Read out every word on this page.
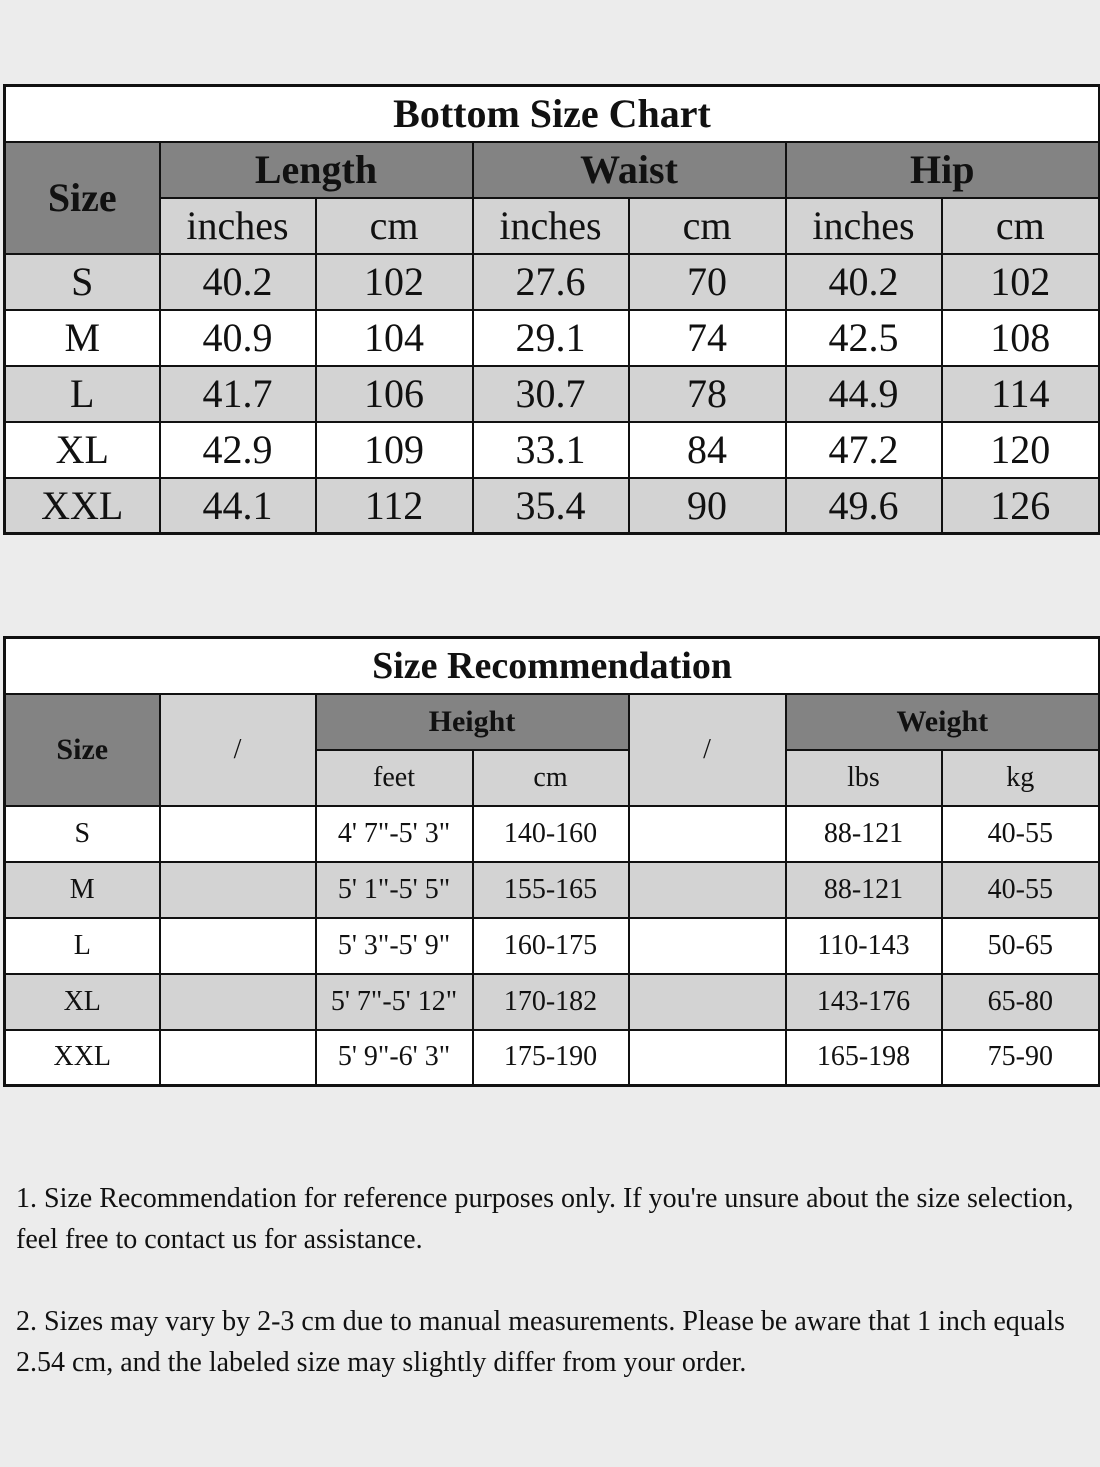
Bottom Size Chart						
Size	Length		Waist		Hip	
	inches	cm	inches	cm	inches	cm
S	40.2	102	27.6	70	40.2	102
M	40.9	104	29.1	74	42.5	108
L	41.7	106	30.7	78	44.9	114
XL	42.9	109	33.1	84	47.2	120
XXL	44.1	112	35.4	90	49.6	126
Size Recommendation						
Size	/	Height		/	Weight	
		feet	cm		lbs	kg
S		4' 7"-5' 3"	140-160		88-121	40-55
M		5' 1"-5' 5"	155-165		88-121	40-55
L		5' 3"-5' 9"	160-175		110-143	50-65
XL		5' 7"-5' 12"	170-182		143-176	65-80
XXL		5' 9"-6' 3"	175-190		165-198	75-90

1. Size Recommendation for reference purposes only. If you're unsure about the size selection, feel free to contact us for assistance.

2. Sizes may vary by 2-3 cm due to manual measurements. Please be aware that 1 inch equals 2.54 cm, and the labeled size may slightly differ from your order.
